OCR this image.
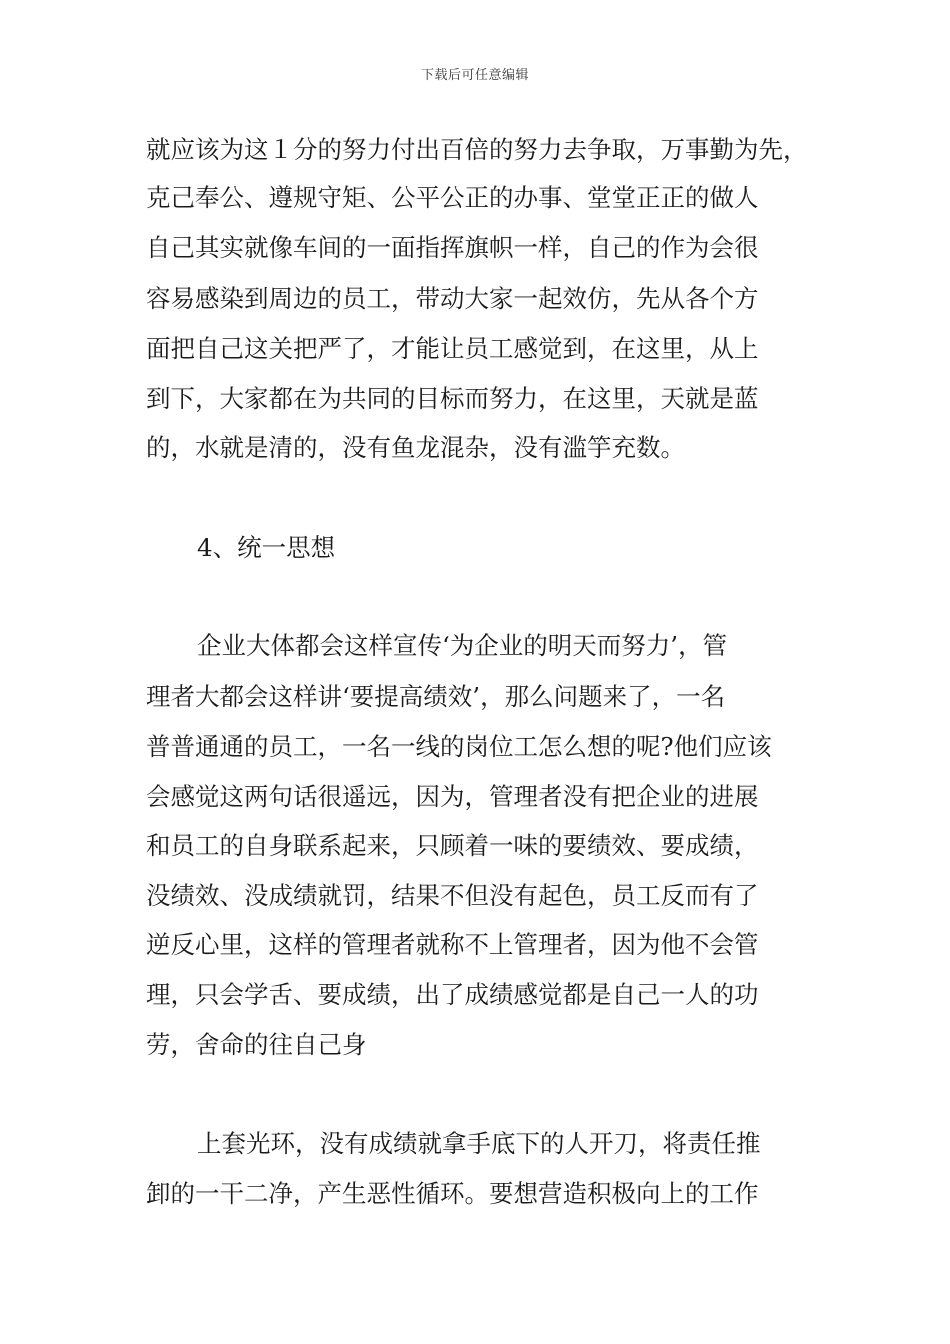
下载后可任意编辑
就应该为这１分的努力付出百倍的努力去争取，万事勤为先，
克己奉公、遵规守矩、公平公正的办事、堂堂正正的做人
自己其实就像车间的一面指挥旗帜一样，自己的作为会很
容易感染到周边的员工，带动大家一起效仿，先从各个方
面把自己这关把严了，才能让员工感觉到，在这里，从上
到下，大家都在为共同的目标而努力，在这里，天就是蓝
的，水就是清的，没有鱼龙混杂，没有滥竽充数。
4、统一思想
企业大体都会这样宣传‘为企业的明天而努力’，管
理者大都会这样讲‘要提高绩效’，那么问题来了，一名
普普通通的员工，一名一线的岗位工怎么想的呢?他们应该
会感觉这两句话很遥远，因为，管理者没有把企业的进展
和员工的自身联系起来，只顾着一味的要绩效、要成绩，
没绩效、没成绩就罚，结果不但没有起色，员工反而有了
逆反心里，这样的管理者就称不上管理者，因为他不会管
理，只会学舌、要成绩，出了成绩感觉都是自己一人的功
劳，舍命的往自己身
上套光环，没有成绩就拿手底下的人开刀，将责任推
卸的一干二净，产生恶性循环。要想营造积极向上的工作
